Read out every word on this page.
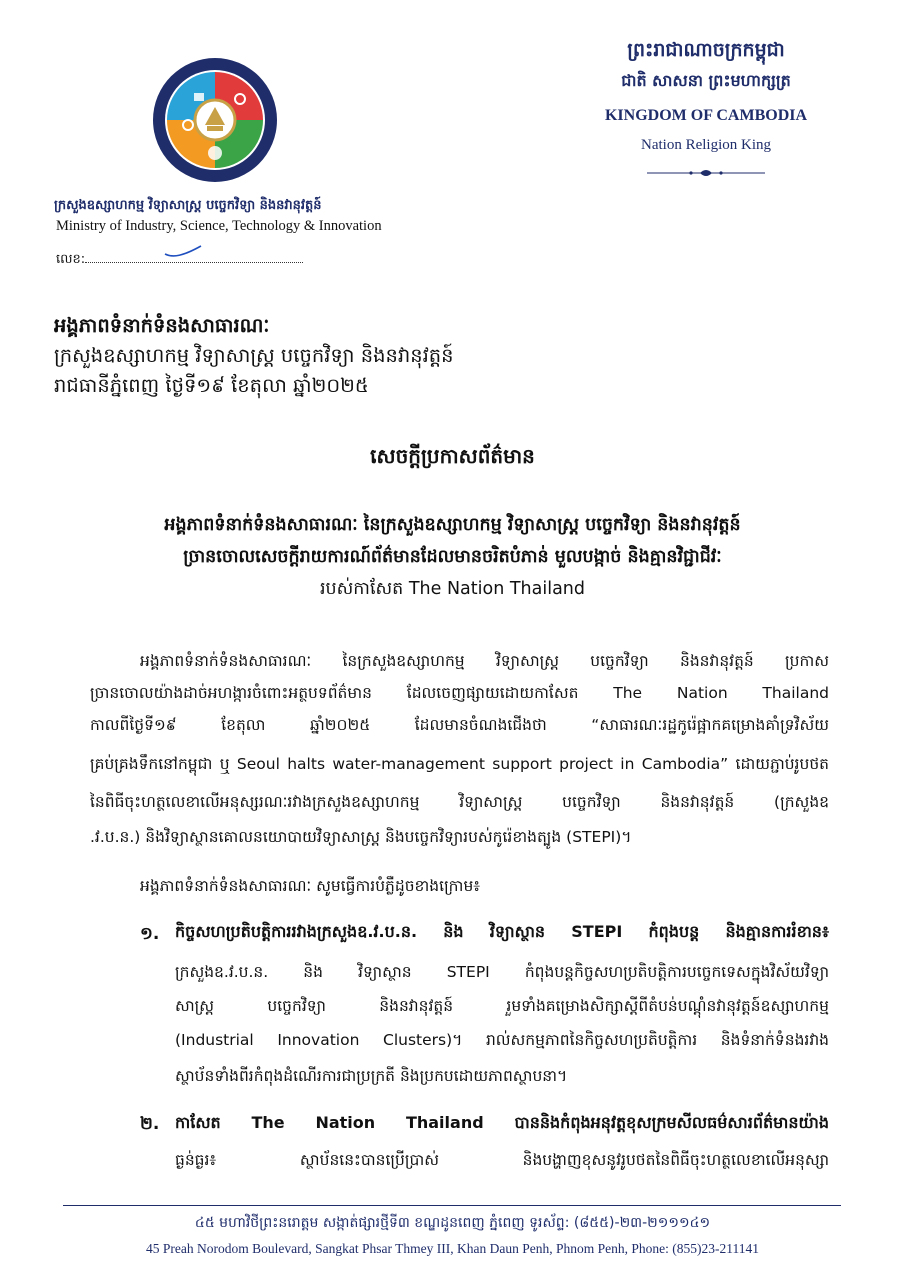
ក្រសួងឧស្សាហកម្ម វិទ្យាសាស្ត្រ បច្ចេកវិទ្យា និងនវានុវត្តន៍
Ministry of Industry, Science, Technology & Innovation
លេខ:
ព្រះរាជាណាចក្រកម្ពុជា
ជាតិ សាសនា ព្រះមហាក្សត្រ
KINGDOM OF CAMBODIA
Nation Religion King
អង្គភាពទំនាក់ទំនងសាធារណៈ
ក្រសួងឧស្សាហកម្ម វិទ្យាសាស្ត្រ បច្ចេកវិទ្យា និងនវានុវត្តន៍
រាជធានីភ្នំពេញ ថ្ងៃទី១៩ ខែតុលា ឆ្នាំ២០២៥
សេចក្តីប្រកាសព័ត៌មាន
អង្គភាពទំនាក់ទំនងសាធារណៈ នៃក្រសួងឧស្សាហកម្ម វិទ្យាសាស្ត្រ បច្ចេកវិទ្យា និងនវានុវត្តន៍
ច្រានចោលសេចក្តីរាយការណ៍ព័ត៌មានដែលមានចរិតបំភាន់ មួលបង្កាច់ និងគ្មានវិជ្ជាជីវៈ
របស់កាសែត The Nation Thailand
អង្គភាពទំនាក់ទំនងសាធារណៈ នៃក្រសួងឧស្សាហកម្ម វិទ្យាសាស្ត្រ បច្ចេកវិទ្យា និងនវានុវត្តន៍ ប្រកាស
ច្រានចោលយ៉ាងដាច់អហង្ការចំពោះអត្ថបទព័ត៌មាន ដែលចេញផ្សាយដោយកាសែត The Nation Thailand
កាលពីថ្ងៃទី១៩ ខែតុលា ឆ្នាំ២០២៥ ដែលមានចំណងជើងថា “សាធារណៈរដ្ឋកូរ៉េផ្អាកគម្រោងគាំទ្រវិស័យ
គ្រប់គ្រងទឹកនៅកម្ពុជា ឬ Seoul halts water-management support project in Cambodia” ដោយភ្ជាប់រូបថត
នៃពិធីចុះហត្ថលេខាលើអនុស្សរណៈរវាងក្រសួងឧស្សាហកម្ម វិទ្យាសាស្ត្រ បច្ចេកវិទ្យា និងនវានុវត្តន៍ (ក្រសួងឧ
.វ.ប.ន.) និងវិទ្យាស្ថានគោលនយោបាយវិទ្យាសាស្ត្រ និងបច្ចេកវិទ្យារបស់កូរ៉េខាងត្បូង (STEPI)។
អង្គភាពទំនាក់ទំនងសាធារណៈ សូមធ្វើការបំភ្លឺដូចខាងក្រោម៖
១. កិច្ចសហប្រតិបត្តិការរវាងក្រសួងឧ.វ.ប.ន. និង វិទ្យាស្ថាន STEPI កំពុងបន្ត និងគ្មានការរំខាន៖
ក្រសួងឧ.វ.ប.ន. និង វិទ្យាស្ថាន STEPI កំពុងបន្តកិច្ចសហប្រតិបត្តិការបច្ចេកទេសក្នុងវិស័យវិទ្យា
សាស្ត្រ បច្ចេកវិទ្យា និងនវានុវត្តន៍ រួមទាំងគម្រោងសិក្សាស្តីពីតំបន់បណ្តុំនវានុវត្តន៍ឧស្សាហកម្ម
(Industrial Innovation Clusters)។ រាល់សកម្មភាពនៃកិច្ចសហប្រតិបត្តិការ និងទំនាក់ទំនងរវាង
ស្ថាប័នទាំងពីរកំពុងដំណើរការជាប្រក្រតី និងប្រកបដោយភាពស្ថាបនា។
២. កាសែត The Nation Thailand បាននិងកំពុងអនុវត្តខុសក្រមសីលធម៌សារព័ត៌មានយ៉ាង
ធ្ងន់ធ្ងរ៖ ស្ថាប័ននេះបានប្រើប្រាស់ និងបង្ហាញខុសនូវរូបថតនៃពិធីចុះហត្ថលេខាលើអនុស្សា
៤៥ មហាវិថីព្រះនរោត្តម សង្កាត់ផ្សារថ្មីទី៣ ខណ្ឌដូនពេញ ភ្នំពេញ ទូរស័ព្ទ: (៨៥៥)-២៣-២១១១៤១
45 Preah Norodom Boulevard, Sangkat Phsar Thmey III, Khan Daun Penh, Phnom Penh, Phone: (855)23-211141
